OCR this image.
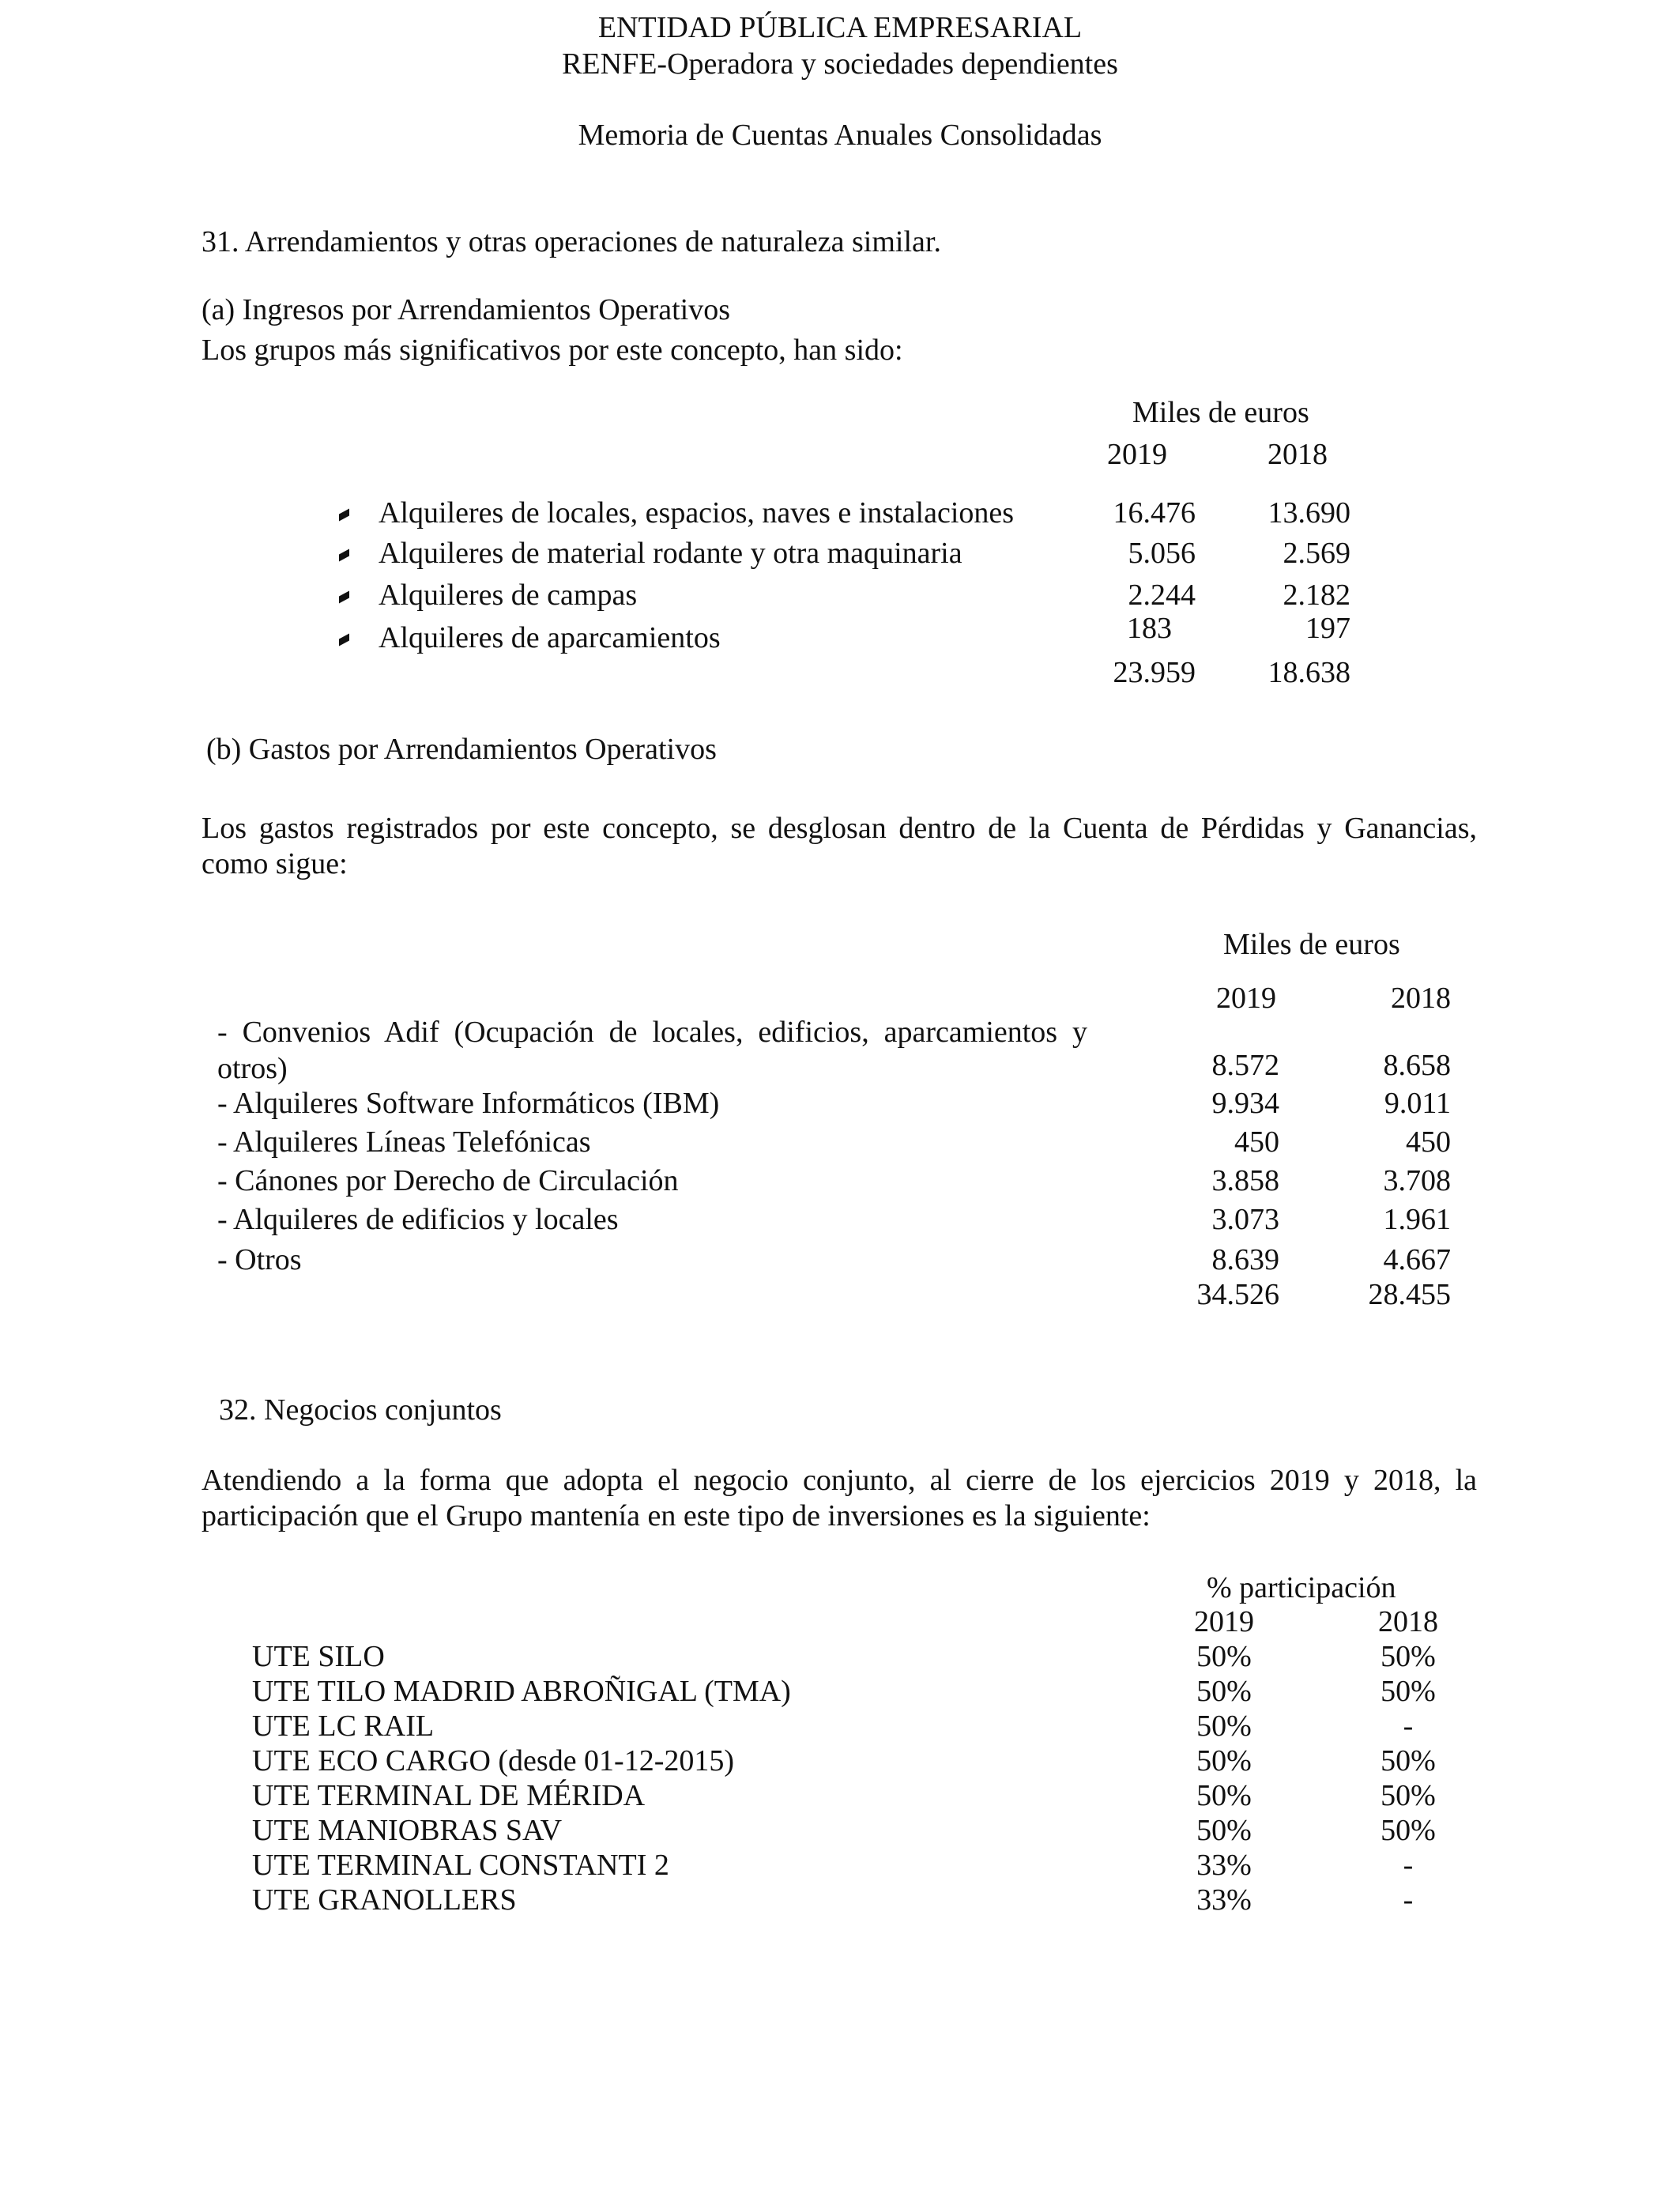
ENTIDAD PÚBLICA EMPRESARIAL
RENFE-Operadora y sociedades dependientes
Memoria de Cuentas Anuales Consolidadas
31. Arrendamientos y otras operaciones de naturaleza similar.
(a) Ingresos por Arrendamientos Operativos
Los grupos más significativos por este concepto, han sido:
Miles de euros
2019	2018
Alquileres de locales, espacios, naves e instalaciones	16.476 13.690
Alquileres de material rodante y otra maquinaria	5.056	2.569
Alquileres de campas	2.244	2.182
Alquileres de aparcamientos	183	197
23.959 18.638
(b) Gastos por Arrendamientos Operativos
Los gastos registrados por este concepto, se desglosan dentro de la Cuenta de Pérdidas y Ganancias, como sigue:
Miles de euros
2019	2018
- Convenios Adif (Ocupación de locales, edificios, aparcamientos y otros)	8.572	8.658
- Alquileres Software Informáticos (IBM)	9.934	9.011
- Alquileres Líneas Telefónicas	450	450
- Cánones por Derecho de Circulación	3.858	3.708
- Alquileres de edificios y locales	3.073	1.961
- Otros	8.639	4.667
34.526	28.455
32. Negocios conjuntos
Atendiendo a la forma que adopta el negocio conjunto, al cierre de los ejercicios 2019 y 2018, la participación que el Grupo mantenía en este tipo de inversiones es la siguiente:
% participación
2019	2018
UTE SILO	50%	50%
UTE TILO MADRID ABROÑIGAL (TMA)	50%	50%
UTE LC RAIL	50%	-
UTE ECO CARGO (desde 01-12-2015)	50%	50%
UTE TERMINAL DE MÉRIDA	50%	50%
UTE MANIOBRAS SAV	50%	50%
UTE TERMINAL CONSTANTI 2	33%	-
UTE GRANOLLERS	33%	-
